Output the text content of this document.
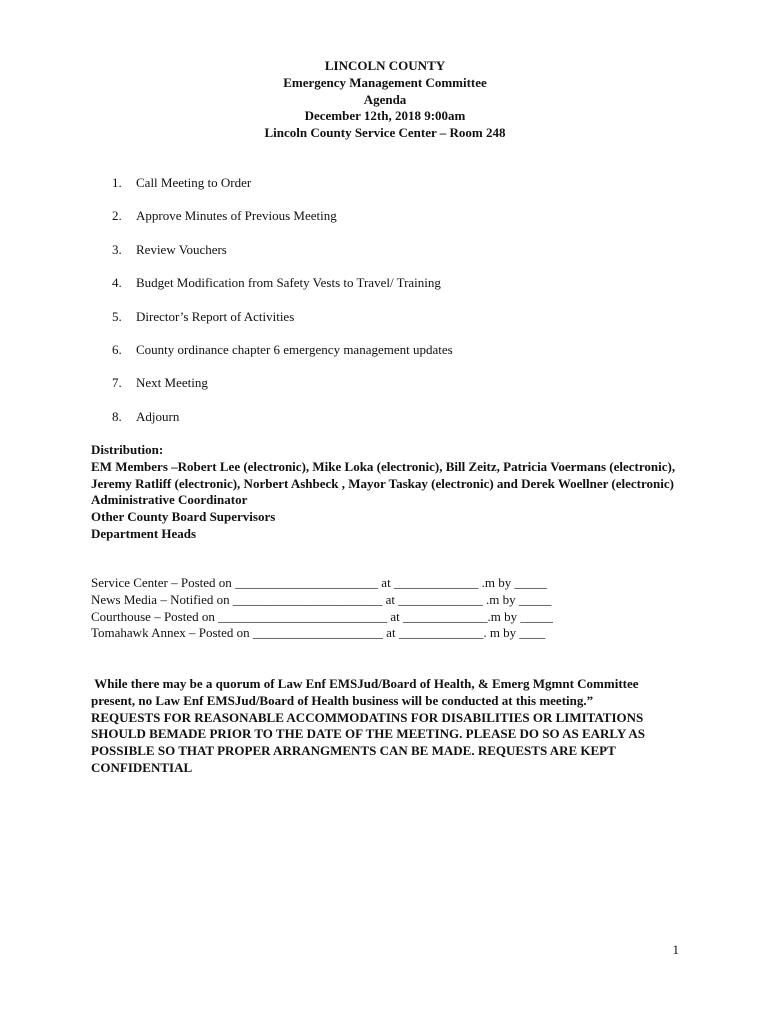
LINCOLN COUNTY
Emergency Management Committee
Agenda
December 12th, 2018 9:00am
Lincoln County Service Center – Room 248
1. Call Meeting to Order
2. Approve Minutes of Previous Meeting
3. Review Vouchers
4. Budget Modification from Safety Vests to Travel/ Training
5. Director’s Report of Activities
6. County ordinance chapter 6 emergency management updates
7. Next Meeting
8. Adjourn
Distribution:
EM Members –Robert Lee (electronic), Mike Loka (electronic), Bill Zeitz, Patricia Voermans (electronic), Jeremy Ratliff (electronic), Norbert Ashbeck , Mayor Taskay (electronic) and Derek Woellner (electronic)
Administrative Coordinator
Other County Board Supervisors
Department Heads
Service Center – Posted on ______________________ at _____________ .m by _____
News Media – Notified on _______________________ at _____________ .m by _____
Courthouse – Posted on __________________________ at _____________.m by _____
Tomahawk Annex – Posted on ____________________ at _____________. m by ____
While there may be a quorum of Law Enf EMSJud/Board of Health, & Emerg Mgmnt Committee present, no Law Enf EMSJud/Board of Health business will be conducted at this meeting.”
REQUESTS FOR REASONABLE ACCOMMODATINS FOR DISABILITIES OR LIMITATIONS SHOULD BEMADE PRIOR TO THE DATE OF THE MEETING. PLEASE DO SO AS EARLY AS POSSIBLE SO THAT PROPER ARRANGMENTS CAN BE MADE. REQUESTS ARE KEPT CONFIDENTIAL
1
